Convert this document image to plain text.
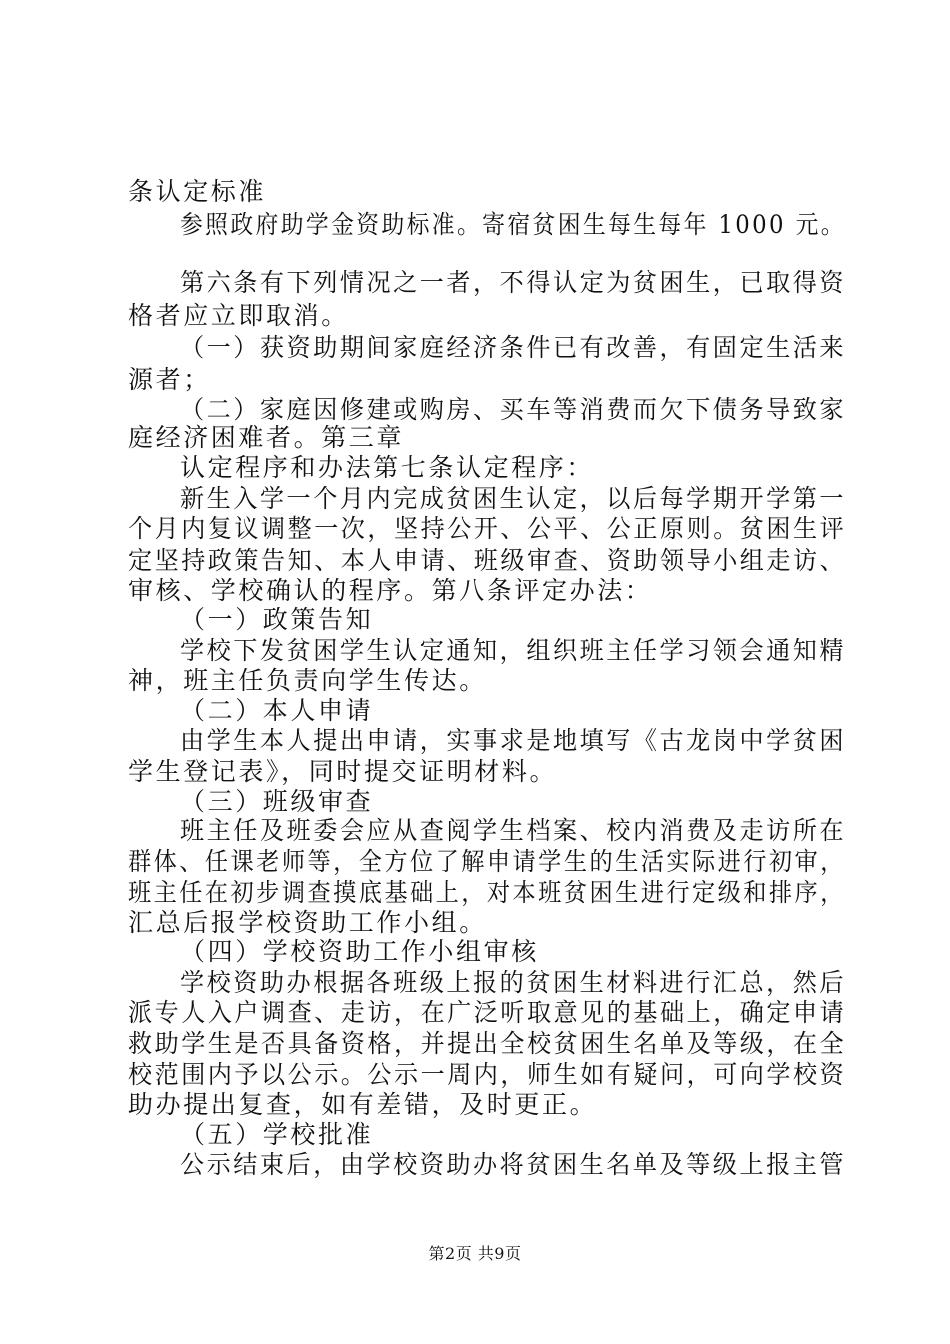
条认定标准
参照政府助学金资助标准。寄宿贫困生每生每年 1000 元。
第六条有下列情况之一者，不得认定为贫困生，已取得资
格者应立即取消。
（一）获资助期间家庭经济条件已有改善，有固定生活来
源者；
（二）家庭因修建或购房、买车等消费而欠下债务导致家
庭经济困难者。第三章
认定程序和办法第七条认定程序：
新生入学一个月内完成贫困生认定，以后每学期开学第一
个月内复议调整一次，坚持公开、公平、公正原则。贫困生评
定坚持政策告知、本人申请、班级审查、资助领导小组走访、
审核、学校确认的程序。第八条评定办法：
（一）政策告知
学校下发贫困学生认定通知，组织班主任学习领会通知精
神，班主任负责向学生传达。
（二）本人申请
由学生本人提出申请，实事求是地填写《古龙岗中学贫困
学生登记表》，同时提交证明材料。
（三）班级审查
班主任及班委会应从查阅学生档案、校内消费及走访所在
群体、任课老师等，全方位了解申请学生的生活实际进行初审，
班主任在初步调查摸底基础上，对本班贫困生进行定级和排序，
汇总后报学校资助工作小组。
（四）学校资助工作小组审核
学校资助办根据各班级上报的贫困生材料进行汇总，然后
派专人入户调查、走访，在广泛听取意见的基础上，确定申请
救助学生是否具备资格，并提出全校贫困生名单及等级，在全
校范围内予以公示。公示一周内，师生如有疑问，可向学校资
助办提出复查，如有差错，及时更正。
（五）学校批准
公示结束后，由学校资助办将贫困生名单及等级上报主管
第2页 共9页
